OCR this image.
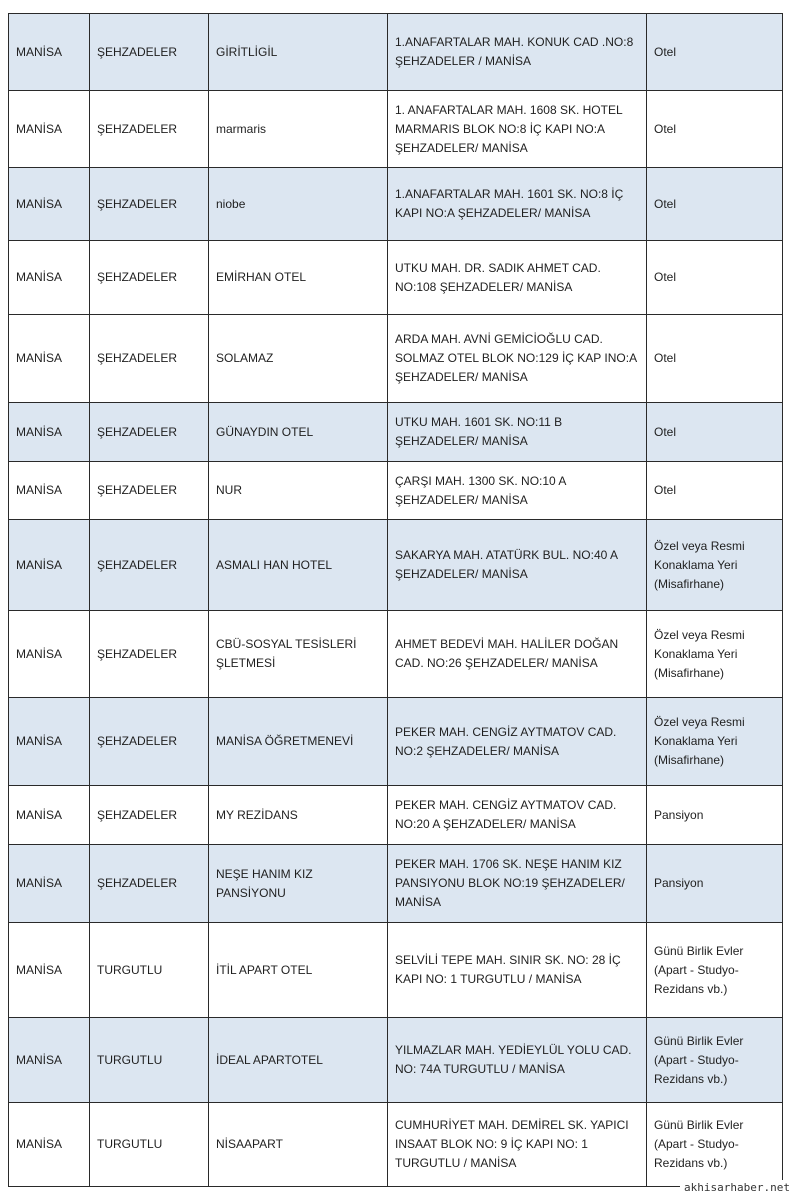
MANİSA	ŞEHZADELER	GİRİTLİGİL	1.ANAFARTALAR MAH. KONUK CAD .NO:8 ŞEHZADELER / MANİSA	Otel
MANİSA	ŞEHZADELER	marmaris	1. ANAFARTALAR MAH. 1608 SK. HOTEL MARMARIS BLOK NO:8 İÇ KAPI NO:A ŞEHZADELER/ MANİSA	Otel
MANİSA	ŞEHZADELER	niobe	1.ANAFARTALAR MAH. 1601 SK. NO:8 İÇ KAPI NO:A ŞEHZADELER/ MANİSA	Otel
MANİSA	ŞEHZADELER	EMİRHAN OTEL	UTKU MAH. DR. SADIK AHMET CAD. NO:108 ŞEHZADELER/ MANİSA	Otel
MANİSA	ŞEHZADELER	SOLAMAZ	ARDA MAH. AVNİ GEMİCİOĞLU CAD. SOLMAZ OTEL BLOK NO:129 İÇ KAP INO:A ŞEHZADELER/ MANİSA	Otel
MANİSA	ŞEHZADELER	GÜNAYDIN OTEL	UTKU MAH. 1601 SK. NO:11 B ŞEHZADELER/ MANİSA	Otel
MANİSA	ŞEHZADELER	NUR	ÇARŞI MAH. 1300 SK. NO:10 A ŞEHZADELER/ MANİSA	Otel
MANİSA	ŞEHZADELER	ASMALI HAN HOTEL	SAKARYA MAH. ATATÜRK BUL. NO:40 A ŞEHZADELER/ MANİSA	Özel veya Resmi Konaklama Yeri (Misafirhane)
MANİSA	ŞEHZADELER	CBÜ-SOSYAL TESİSLERİ ŞLETMESİ	AHMET BEDEVİ MAH. HALİLER DOĞAN CAD. NO:26 ŞEHZADELER/ MANİSA	Özel veya Resmi Konaklama Yeri (Misafirhane)
MANİSA	ŞEHZADELER	MANİSA ÖĞRETMENEVİ	PEKER MAH. CENGİZ AYTMATOV CAD. NO:2 ŞEHZADELER/ MANİSA	Özel veya Resmi Konaklama Yeri (Misafirhane)
MANİSA	ŞEHZADELER	MY REZİDANS	PEKER MAH. CENGİZ AYTMATOV CAD. NO:20 A ŞEHZADELER/ MANİSA	Pansiyon
MANİSA	ŞEHZADELER	NEŞE HANIM KIZ PANSİYONU	PEKER MAH. 1706 SK. NEŞE HANIM KIZ PANSIYONU BLOK NO:19 ŞEHZADELER/ MANİSA	Pansiyon
MANİSA	TURGUTLU	İTİL APART OTEL	SELVİLİ TEPE MAH. SINIR SK. NO: 28 İÇ KAPI NO: 1 TURGUTLU / MANİSA	Günü Birlik Evler (Apart - Studyo-Rezidans vb.)
MANİSA	TURGUTLU	İDEAL APARTOTEL	YILMAZLAR MAH. YEDİEYLÜL YOLU CAD. NO: 74A TURGUTLU / MANİSA	Günü Birlik Evler (Apart - Studyo-Rezidans vb.)
MANİSA	TURGUTLU	NİSAAPART	CUMHURİYET MAH. DEMİREL SK. YAPICI INSAAT BLOK NO: 9 İÇ KAPI NO: 1 TURGUTLU / MANİSA	Günü Birlik Evler (Apart - Studyo-Rezidans vb.)
akhisarhaber.net
